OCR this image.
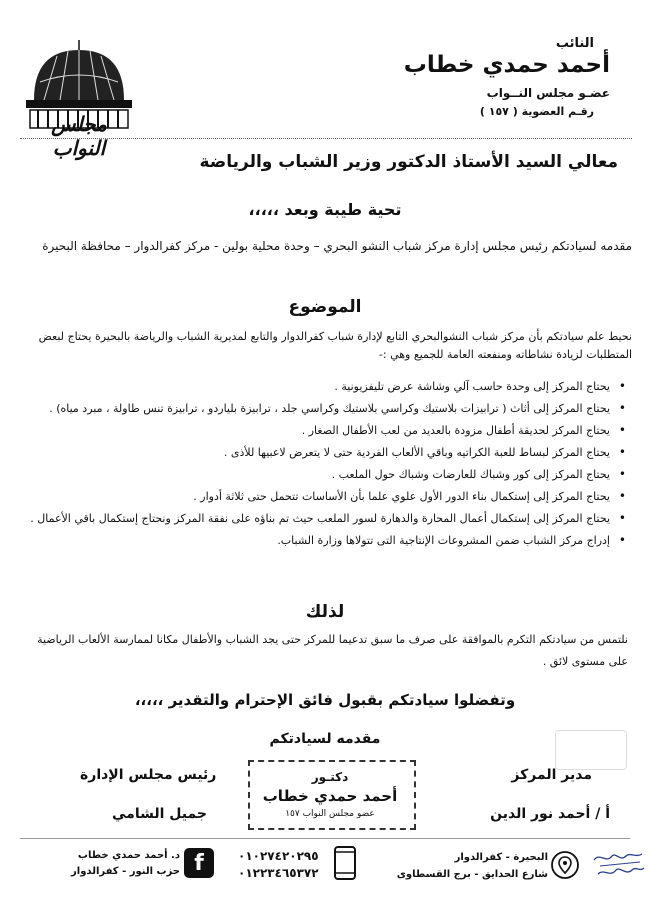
النائب
أحمد حمدي خطاب
عضـو مجلس النــواب
رقـم العضوية ( ١٥٧ )
مجلس النواب
معالي السيد الأستاذ الدكتور وزير الشباب والرياضة
تحية طيبة وبعد ،،،،،
مقدمه لسيادتكم رئيس مجلس إدارة مركز شباب النشو البحري – وحدة محلية بولين - مركز كفرالدوار – محافظة البحيرة
الموضوع
نحيط علم سيادتكم بأن مركز شباب النشوالبحري التابع لإدارة شباب كفرالدوار والتابع لمديرية الشباب والرياضة بالبحيرة يحتاج لبعض المتطلبات لزيادة نشاطاته ومنفعته العامة للجميع وهي :-
• يحتاج المركز إلى وحدة حاسب آلي وشاشة عرض تليفزيونية .
• يحتاج المركز إلى أثاث ( ترابيزات بلاستيك وكراسي بلاستيك وكراسي جلد ، ترابيزة بلياردو ، ترابيزة تنس طاولة ، مبرد مياه) .
• يحتاج المركز لحديقة أطفال مزودة بالعديد من لعب الأطفال الصغار .
• يحتاج المركز لبساط للعبة الكراتيه وباقي الألعاب الفردية حتى لا يتعرض لاعبيها للأذى .
• يحتاج المركز إلى كور وشباك للعارضات وشباك حول الملعب .
• يحتاج المركز إلى إستكمال بناء الدور الأول علوي علما بأن الأساسات تتحمل حتى ثلاثة أدوار .
• يحتاج المركز إلى إستكمال أعمال المحارة والدهارة لسور الملعب حيث تم بناؤه على نفقة المركز ونحتاج إستكمال باقي الأعمال .
• إدراج مركز الشباب ضمن المشروعات الإنتاجية التى تتولاها وزارة الشباب.
لذلك
نلتمس من سيادتكم التكرم بالموافقة على صرف ما سبق تدعيما للمركز حتى يجد الشباب والأطفال مكانا لممارسة الألعاب الرياضية على مستوى لائق .
وتفضلوا سيادتكم بقبول فائق الإحترام والتقدير ،،،،،
مقدمه لسيادتكم
مدير المركز
أ / أحمد نور الدين
رئيس مجلس الإدارة
جميل الشامي
دكتـور
أحمد حمدي خطاب
عضو مجلس النواب ١٥٧
د. أحمد حمدي خطاب
حزب النور - كفرالدوار f	٠١٠٢٧٤٢٠٢٩٥
٠١٢٢٣٤٦٥٣٧٢
البحيرة - كفرالدوار
شارع الحدايق - برج القسطاوى
